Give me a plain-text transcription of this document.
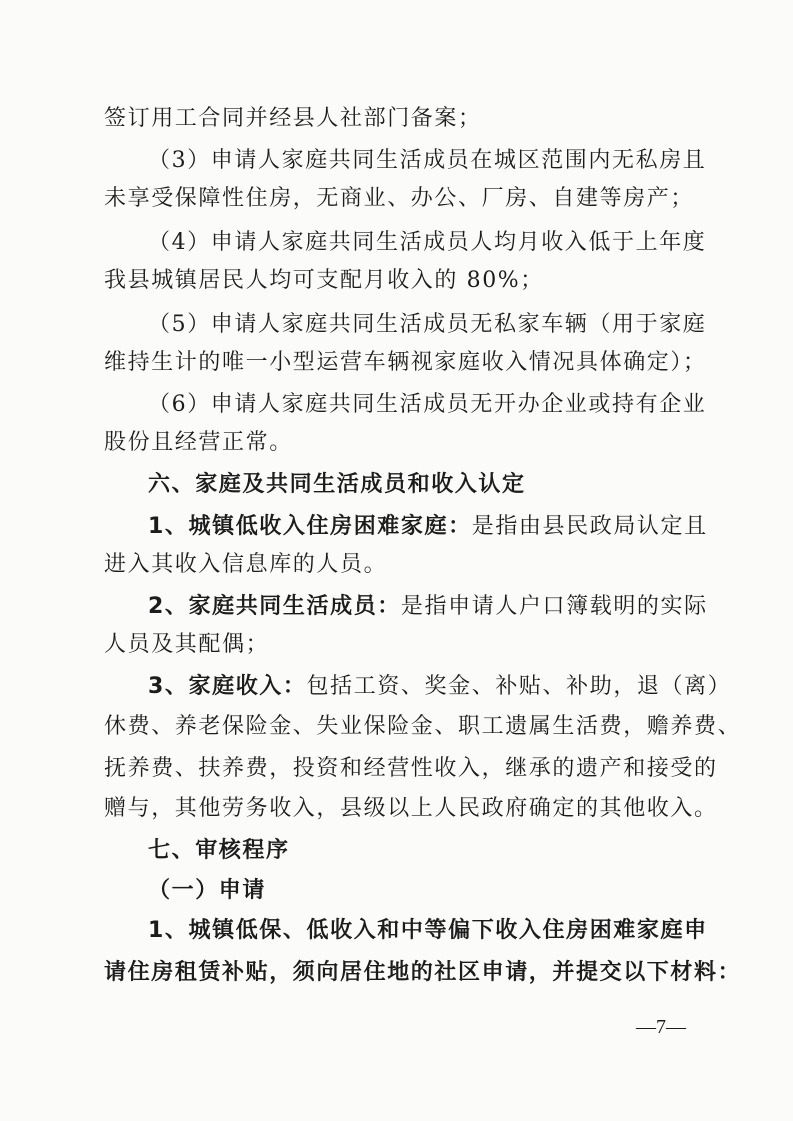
签订用工合同并经县人社部门备案；
（3）申请人家庭共同生活成员在城区范围内无私房且
未享受保障性住房，无商业、办公、厂房、自建等房产；
（4）申请人家庭共同生活成员人均月收入低于上年度
我县城镇居民人均可支配月收入的 80%；
（5）申请人家庭共同生活成员无私家车辆（用于家庭
维持生计的唯一小型运营车辆视家庭收入情况具体确定）；
（6）申请人家庭共同生活成员无开办企业或持有企业
股份且经营正常。
六、家庭及共同生活成员和收入认定
1、城镇低收入住房困难家庭：是指由县民政局认定且
进入其收入信息库的人员。
2、家庭共同生活成员：是指申请人户口簿载明的实际
人员及其配偶；
3、家庭收入：包括工资、奖金、补贴、补助，退（离）
休费、养老保险金、失业保险金、职工遗属生活费，赡养费、
抚养费、扶养费，投资和经营性收入，继承的遗产和接受的
赠与，其他劳务收入，县级以上人民政府确定的其他收入。
七、审核程序
（一）申请
1、城镇低保、低收入和中等偏下收入住房困难家庭申
请住房租赁补贴，须向居住地的社区申请，并提交以下材料：
—7—
